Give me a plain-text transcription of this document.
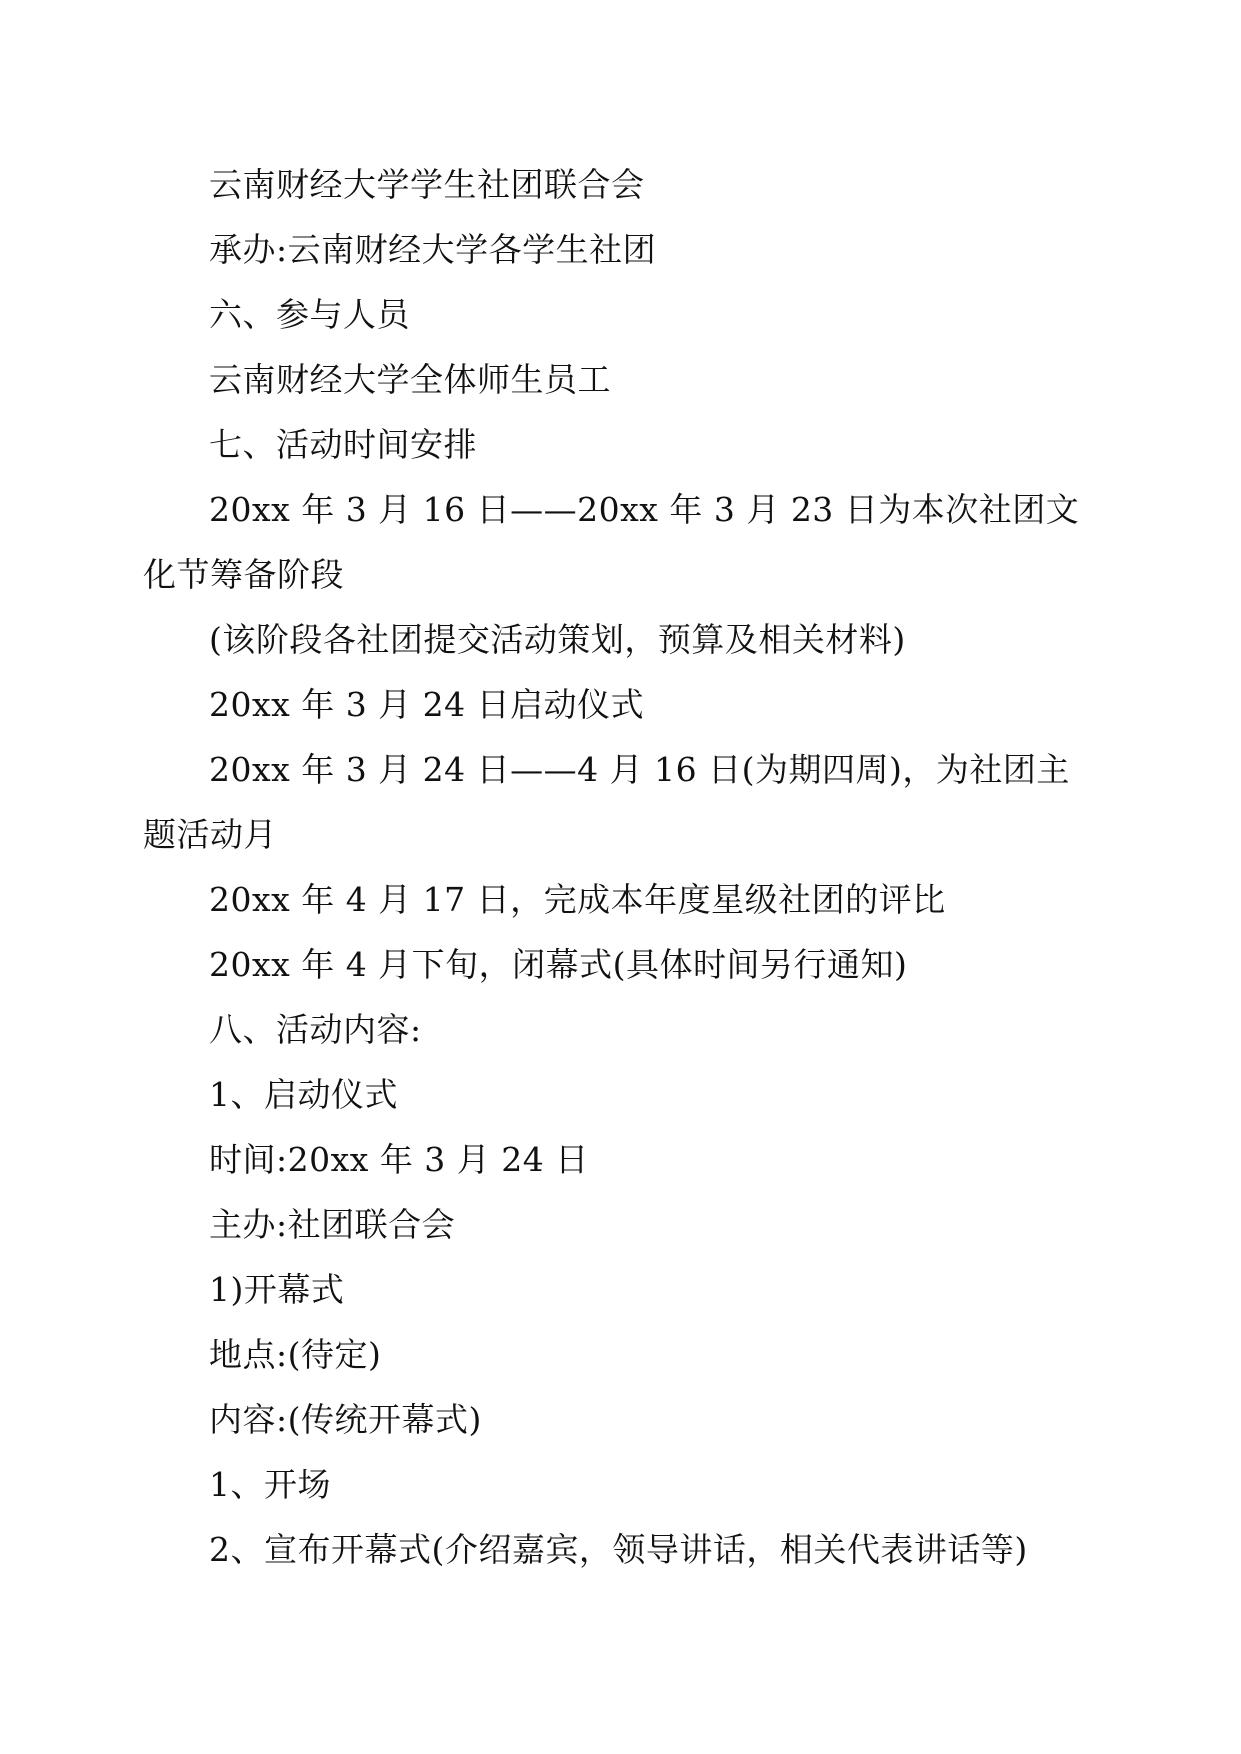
云南财经大学学生社团联合会

承办:云南财经大学各学生社团

六、参与人员

云南财经大学全体师生员工

七、活动时间安排

20xx 年 3 月 16 日——20xx 年 3 月 23 日为本次社团文化节筹备阶段

(该阶段各社团提交活动策划，预算及相关材料)

20xx 年 3 月 24 日启动仪式

20xx 年 3 月 24 日——4 月 16 日(为期四周)，为社团主题活动月

20xx 年 4 月 17 日，完成本年度星级社团的评比

20xx 年 4 月下旬，闭幕式(具体时间另行通知)

八、活动内容:

1、启动仪式

时间:20xx 年 3 月 24 日

主办:社团联合会

1)开幕式

地点:(待定)

内容:(传统开幕式)

1、开场

2、宣布开幕式(介绍嘉宾，领导讲话，相关代表讲话等)
